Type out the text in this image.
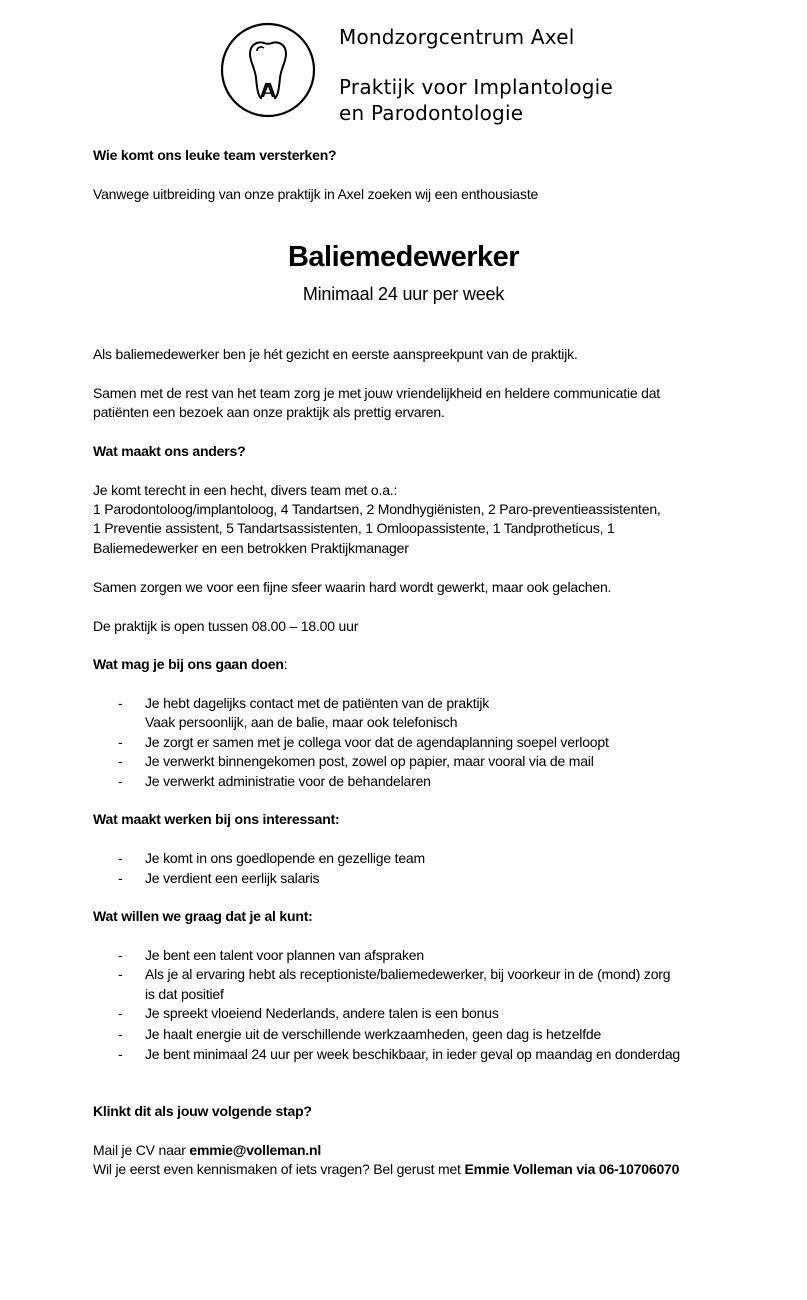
A
Mondzorgcentrum Axel
Praktijk voor Implantologie
en Parodontologie
Wie komt ons leuke team versterken?
Vanwege uitbreiding van onze praktijk in Axel zoeken wij een enthousiaste
Baliemedewerker
Minimaal 24 uur per week
Als baliemedewerker ben je hét gezicht en eerste aanspreekpunt van de praktijk.
Samen met de rest van het team zorg je met jouw vriendelijkheid en heldere communicatie dat
patiënten een bezoek aan onze praktijk als prettig ervaren.
Wat maakt ons anders?
Je komt terecht in een hecht, divers team met o.a.:
1 Parodontoloog/implantoloog, 4 Tandartsen, 2 Mondhygiënisten, 2 Paro-preventieassistenten,
1 Preventie assistent, 5 Tandartsassistenten, 1 Omloopassistente, 1 Tandprotheticus, 1
Baliemedewerker en een betrokken Praktijkmanager
Samen zorgen we voor een fijne sfeer waarin hard wordt gewerkt, maar ook gelachen.
De praktijk is open tussen 08.00 – 18.00 uur
Wat mag je bij ons gaan doen:
- Je hebt dagelijks contact met de patiënten van de praktijk
Vaak persoonlijk, aan de balie, maar ook telefonisch
- Je zorgt er samen met je collega voor dat de agendaplanning soepel verloopt
- Je verwerkt binnengekomen post, zowel op papier, maar vooral via de mail
- Je verwerkt administratie voor de behandelaren
Wat maakt werken bij ons interessant:
- Je komt in ons goedlopende en gezellige team
- Je verdient een eerlijk salaris
Wat willen we graag dat je al kunt:
- Je bent een talent voor plannen van afspraken
- Als je al ervaring hebt als receptioniste/baliemedewerker, bij voorkeur in de (mond) zorg
is dat positief
- Je spreekt vloeiend Nederlands, andere talen is een bonus
- Je haalt energie uit de verschillende werkzaamheden, geen dag is hetzelfde
- Je bent minimaal 24 uur per week beschikbaar, in ieder geval op maandag en donderdag
Klinkt dit als jouw volgende stap?
Mail je CV naar emmie@volleman.nl
Wil je eerst even kennismaken of iets vragen? Bel gerust met Emmie Volleman via 06-10706070
